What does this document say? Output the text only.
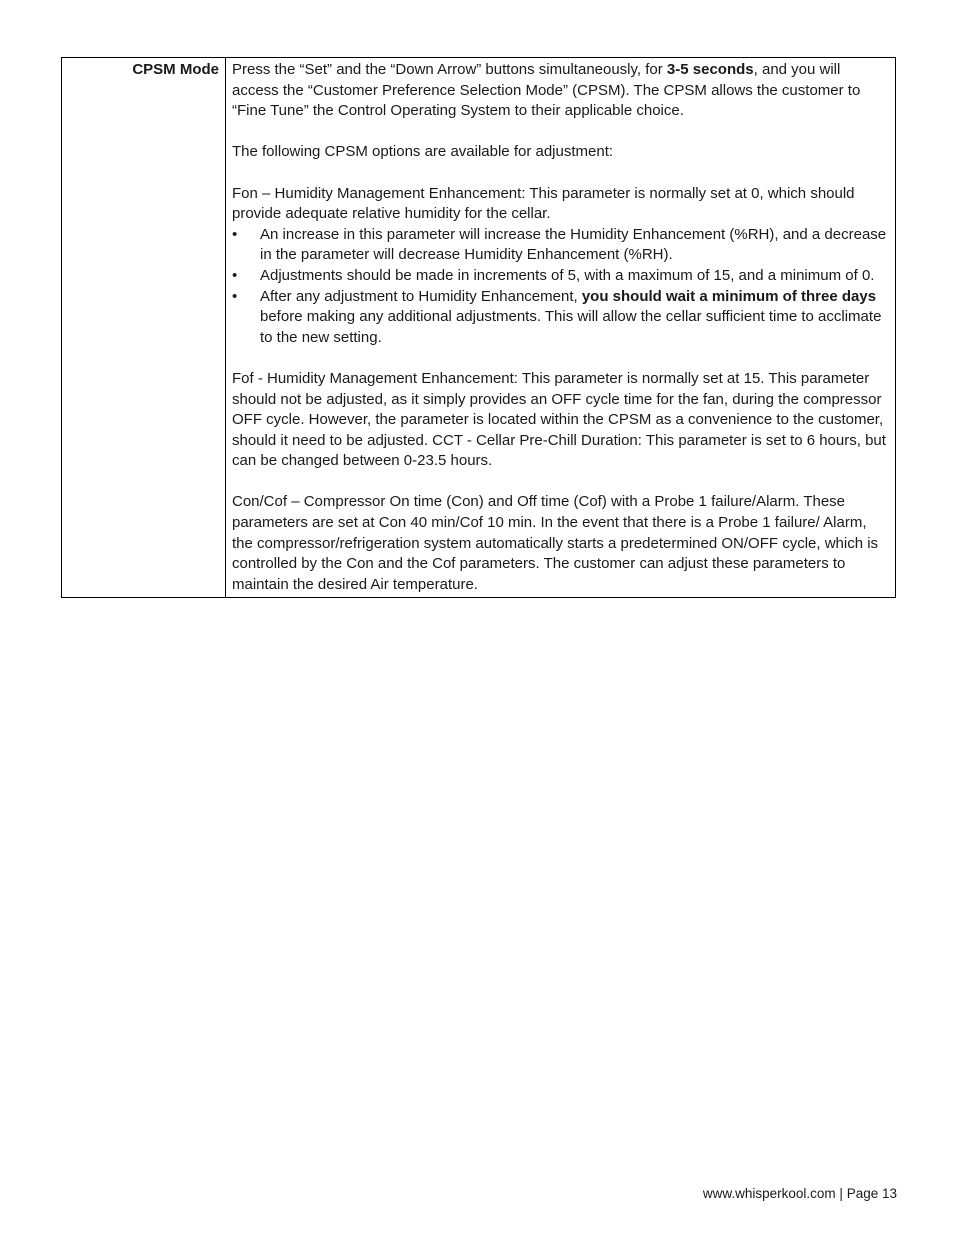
CPSM Mode	Press the “Set” and the “Down Arrow” buttons simultaneously, for 3-5 seconds, and you will access the “Customer Preference Selection Mode” (CPSM). The CPSM allows the customer to “Fine Tune” the Control Operating System to their applicable choice.

The following CPSM options are available for adjustment:

Fon – Humidity Management Enhancement: This parameter is normally set at 0, which should provide adequate relative humidity for the cellar.
• An increase in this parameter will increase the Humidity Enhancement (%RH), and a decrease in the parameter will decrease Humidity Enhancement (%RH).
• Adjustments should be made in increments of 5, with a maximum of 15, and a minimum of 0.
• After any adjustment to Humidity Enhancement, you should wait a minimum of three days before making any additional adjustments. This will allow the cellar sufficient time to acclimate to the new setting.

Fof - Humidity Management Enhancement: This parameter is normally set at 15. This parameter should not be adjusted, as it simply provides an OFF cycle time for the fan, during the compressor OFF cycle. However, the parameter is located within the CPSM as a convenience to the customer, should it need to be adjusted. CCT - Cellar Pre-Chill Duration: This parameter is set to 6 hours, but can be changed between 0-23.5 hours.

Con/Cof – Compressor On time (Con) and Off time (Cof) with a Probe 1 failure/Alarm. These parameters are set at Con 40 min/Cof 10 min. In the event that there is a Probe 1 failure/ Alarm, the compressor/refrigeration system automatically starts a predetermined ON/OFF cycle, which is controlled by the Con and the Cof parameters. The customer can adjust these parameters to maintain the desired Air temperature.

www.whisperkool.com | Page 13
